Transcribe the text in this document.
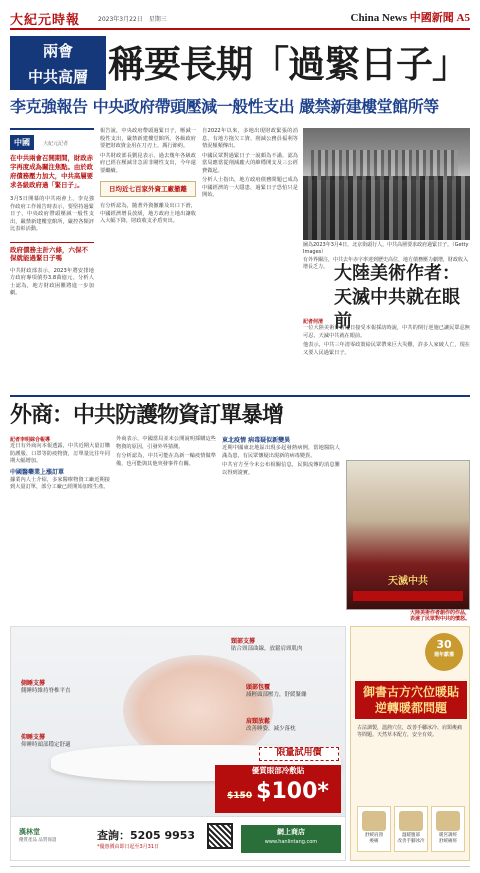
大紀元時報	2023年3月22日　星期三	China News 中國新聞 A5
兩會
中共高層 稱要長期「過緊日子」
李克強報告 中央政府帶頭壓減一般性支出 嚴禁新建樓堂館所等
中國	大紀元記者
在中共兩會召開期間，財政赤字再度成為關注焦點。由於政府債務壓力加大，中共高層要求各級政府過「緊日子」。
3月5日開幕的中共兩會上，李克強作政府工作報告時表示，要堅持過緊日子，中央政府帶頭壓減一般性支出，嚴禁新建樓堂館所，嚴控各類評比表彰活動。
政府債務主計六條，六保不保就能過緊日子嗎
中共財政部表示，2023年將安排地方政府專項債券3.8萬億元。分析人士認為，地方財政困難將進一步加劇。

報告說，中央政府帶頭過緊日子，壓減一般性支出，嚴禁新建樓堂館所。各級政府要把財政資金用在刀刃上，厲行節約。

中共財政部長劉昆表示，過去幾年各級政府已經在壓減非急需非剛性支出，今年還要繼續。

日均近七百家外資工廠撤離

有分析認為，隨著外資撤離及出口下滑，中國經濟增長放緩，地方政府土地出讓收入大幅下降，財政收支矛盾突出。

自2022年以來，多地出現財政緊張的消息，有地方拖欠工資、削減公務員福利等情況頻頻傳出。

中國民眾對過緊日子一說頗為不滿，認為當局應當從削減龐大的維穩開支及三公經費做起。

分析人士指出，地方政府債務問題已成為中國經濟的一大隱患，過緊日子恐怕只是開始。

圖為2023年3月4日，北京街頭行人。中共高層要求政府過緊日子。（Getty Images）
有外界關注，中共去年赤字率達到歷史高位，地方債務壓力劇增，財政收入增長乏力。 大陸美術作者：天滅中共就在眼前
記者何清

一位大陸美術作者近日接受本報採訪時說，中共的倒行逆施已讓民眾忍無可忍，天滅中共就在眼前。

他表示，中共三年清零政策給民眾帶來巨大災難，許多人家破人亡，現在又要人民過緊日子。

外商：中共防護物資訂單暴增
記者李明綜合報導

近日有外商向本報透露，中共近期大量訂購防護服、口罩等防疫物資，訂單量比往年同期大幅增加。

中國醫藥業上漲訂單

據業內人士介紹，多家醫療物資工廠近期接到大量訂單，部分工廠已經開始加班生產。

外商表示，中國當局並未公開說明採購這些物資的原因，引發外界猜測。

有分析認為，中共可能在為新一輪疫情做準備，也可能與其他突發事件有關。

東北疫情 病毒疑似新變異

近期中國東北地區出現多起發熱病例，當地醫院人滿為患，有民眾懷疑出現新的病毒變異。

中共官方至今未公布相關信息，民間流傳的消息難以得到證實。

天滅中共
大陸美術作者創作的作品，表達了民眾對中共的憤怒。
頸部支撐
貼合頸部曲線，放鬆肩頸肌肉
頭部包覆
減輕頭部壓力，舒緩緊繃
肩頸放鬆
改善睡姿，減少落枕
側睡支撐
側睡時維持脊椎平直
仰睡支撐
仰睡時頭部穩定舒適
限量試用價
優質眼部冷敷貼
$150 $100*
漢林堂
優質產品 品質保證	查詢：5205 9953
*優惠價由即日起至3月31日
網上商店
www.hanlintang.com
30
週年獻禮
御書古方穴位暖貼
逆轉暖都問題
古法調製，溫熱穴位，改善手腳冰冷、肩頸痠痛等問題。天然草本配方，安全有效。
舒緩肩頸
痠痛
溫暖腹部
改善手腳冰冷
暖宮調經
舒緩痛經
